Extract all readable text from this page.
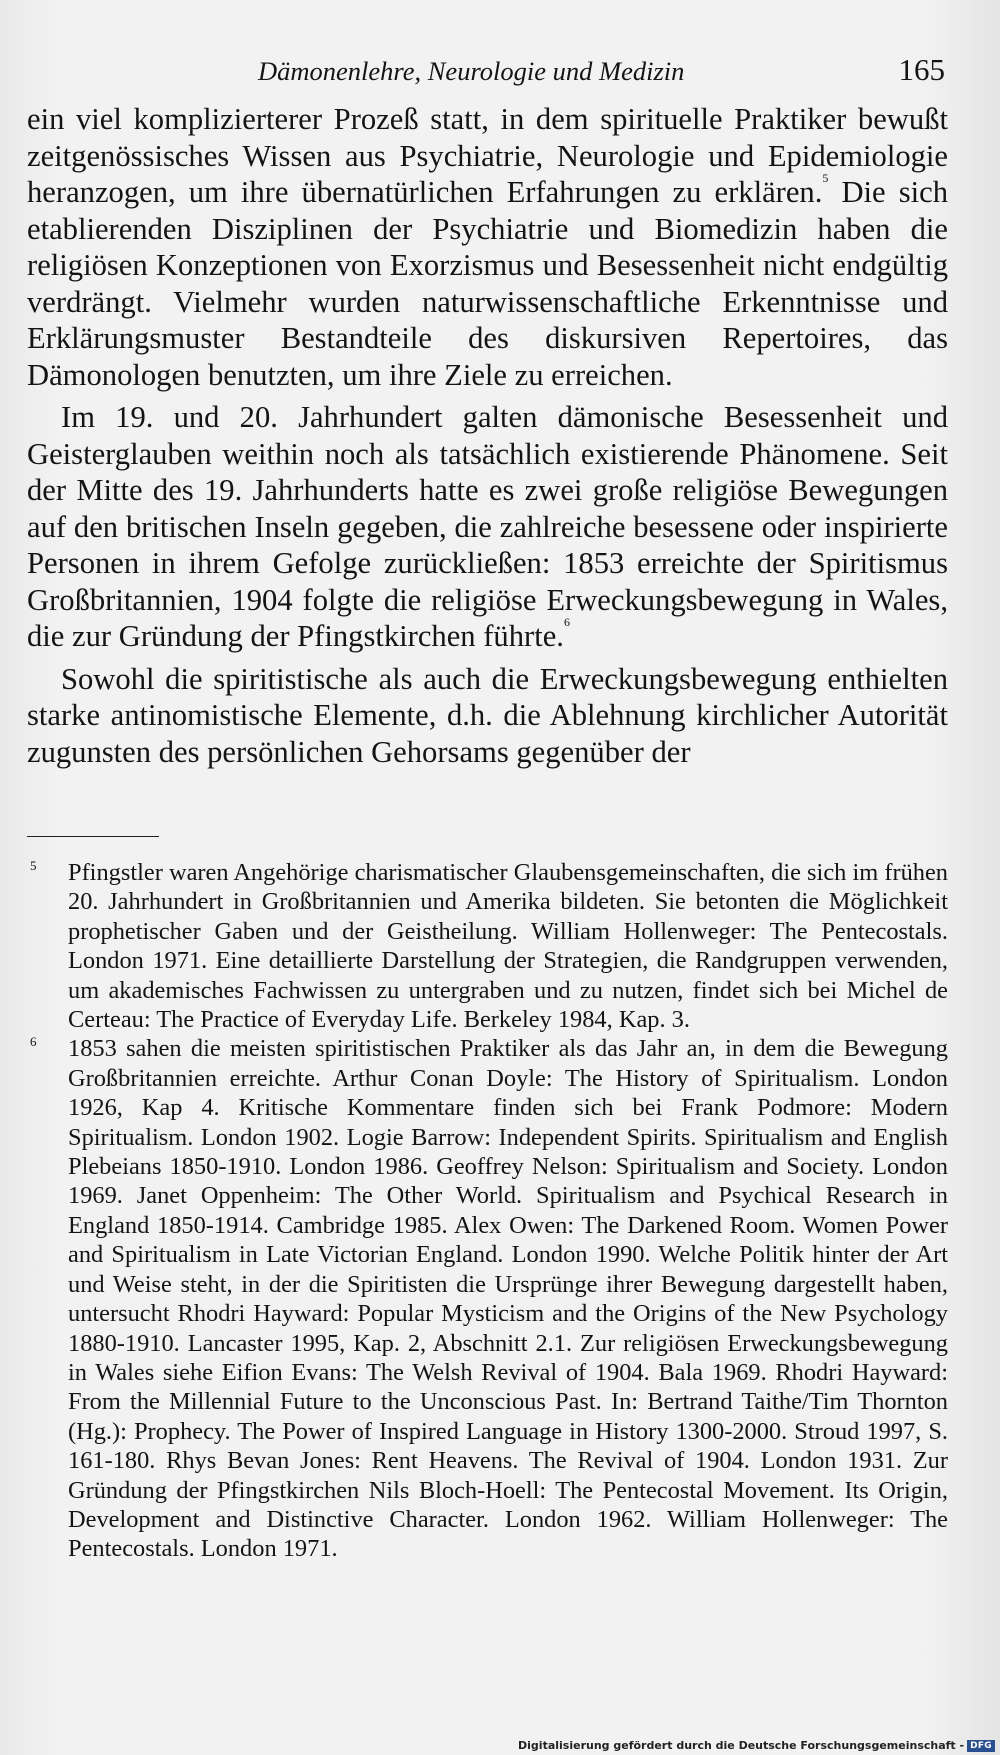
Dämonenlehre, Neurologie und Medizin	165

ein viel komplizierterer Prozeß statt, in dem spirituelle Praktiker bewußt zeitgenössisches Wissen aus Psychiatrie, Neurologie und Epidemiologie heranzogen, um ihre übernatürlichen Erfahrungen zu erklären.$^5$ Die sich etablierenden Disziplinen der Psychiatrie und Biomedizin haben die religiösen Konzeptionen von Exorzismus und Besessenheit nicht endgültig verdrängt. Vielmehr wurden naturwissenschaftliche Erkenntnisse und Erklärungsmuster Bestandteile des diskursiven Repertoires, das Dämonologen benutzten, um ihre Ziele zu erreichen.

Im 19. und 20. Jahrhundert galten dämonische Besessenheit und Geisterglauben weithin noch als tatsächlich existierende Phänomene. Seit der Mitte des 19. Jahrhunderts hatte es zwei große religiöse Bewegungen auf den britischen Inseln gegeben, die zahlreiche besessene oder inspirierte Personen in ihrem Gefolge zurückließen: 1853 erreichte der Spiritismus Großbritannien, 1904 folgte die religiöse Erweckungsbewegung in Wales, die zur Gründung der Pfingstkirchen führte.$^6$

Sowohl die spiritistische als auch die Erweckungsbewegung enthielten starke antinomistische Elemente, d.h. die Ablehnung kirchlicher Autorität zugunsten des persönlichen Gehorsams gegenüber der

5 Pfingstler waren Angehörige charismatischer Glaubensgemeinschaften, die sich im frühen 20. Jahrhundert in Großbritannien und Amerika bildeten. Sie betonten die Möglichkeit prophetischer Gaben und der Geistheilung. William Hollenweger: The Pentecostals. London 1971. Eine detaillierte Darstellung der Strategien, die Randgruppen verwenden, um akademisches Fachwissen zu untergraben und zu nutzen, findet sich bei Michel de Certeau: The Practice of Everyday Life. Berkeley 1984, Kap. 3.

6 1853 sahen die meisten spiritistischen Praktiker als das Jahr an, in dem die Bewegung Großbritannien erreichte. Arthur Conan Doyle: The History of Spiritualism. London 1926, Kap 4. Kritische Kommentare finden sich bei Frank Podmore: Modern Spiritualism. London 1902. Logie Barrow: Independent Spirits. Spiritualism and English Plebeians 1850-1910. London 1986. Geoffrey Nelson: Spiritualism and Society. London 1969. Janet Oppenheim: The Other World. Spiritualism and Psychical Research in England 1850-1914. Cambridge 1985. Alex Owen: The Darkened Room. Women Power and Spiritualism in Late Victorian England. London 1990. Welche Politik hinter der Art und Weise steht, in der die Spiritisten die Ursprünge ihrer Bewegung dargestellt haben, untersucht Rhodri Hayward: Popular Mysticism and the Origins of the New Psychology 1880-1910. Lancaster 1995, Kap. 2, Abschnitt 2.1. Zur religiösen Erweckungsbewegung in Wales siehe Eifion Evans: The Welsh Revival of 1904. Bala 1969. Rhodri Hayward: From the Millennial Future to the Unconscious Past. In: Bertrand Taithe/Tim Thornton (Hg.): Prophecy. The Power of Inspired Language in History 1300-2000. Stroud 1997, S. 161-180. Rhys Bevan Jones: Rent Heavens. The Revival of 1904. London 1931. Zur Gründung der Pfingstkirchen Nils Bloch-Hoell: The Pentecostal Movement. Its Origin, Development and Distinctive Character. London 1962. William Hollenweger: The Pentecostals. London 1971.

Digitalisierung gefördert durch die Deutsche Forschungsgemeinschaft - DFG
